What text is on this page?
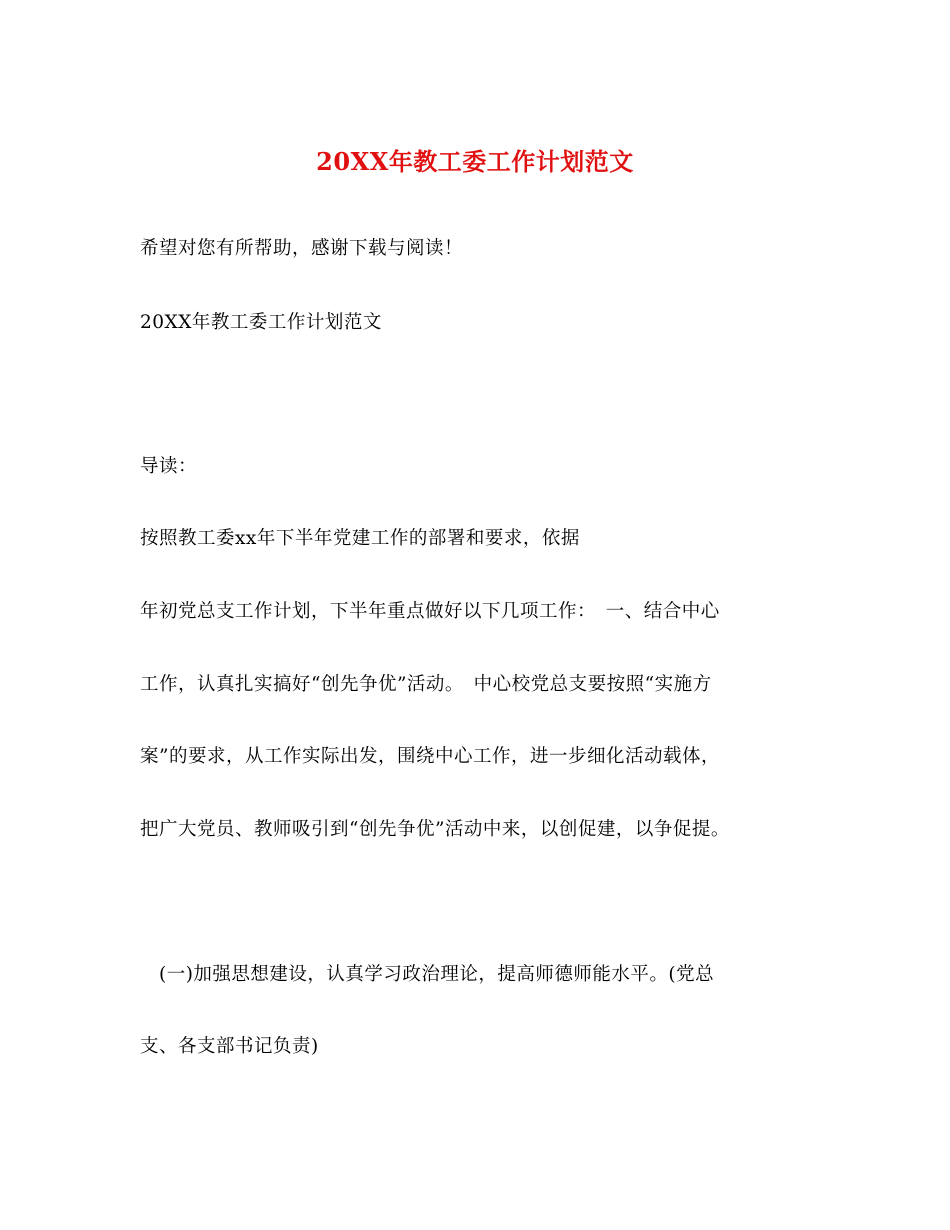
20XX年教工委工作计划范文
希望对您有所帮助，感谢下载与阅读！
20XX年教工委工作计划范文
导读：
按照教工委xx年下半年党建工作的部署和要求，依据
年初党总支工作计划，下半年重点做好以下几项工作：　一、结合中心
工作，认真扎实搞好“创先争优”活动。　中心校党总支要按照“实施方
案”的要求，从工作实际出发，围绕中心工作，进一步细化活动载体，
把广大党员、教师吸引到“创先争优”活动中来，以创促建，以争促提。
(一)加强思想建设，认真学习政治理论，提高师德师能水平。(党总
支、各支部书记负责)
